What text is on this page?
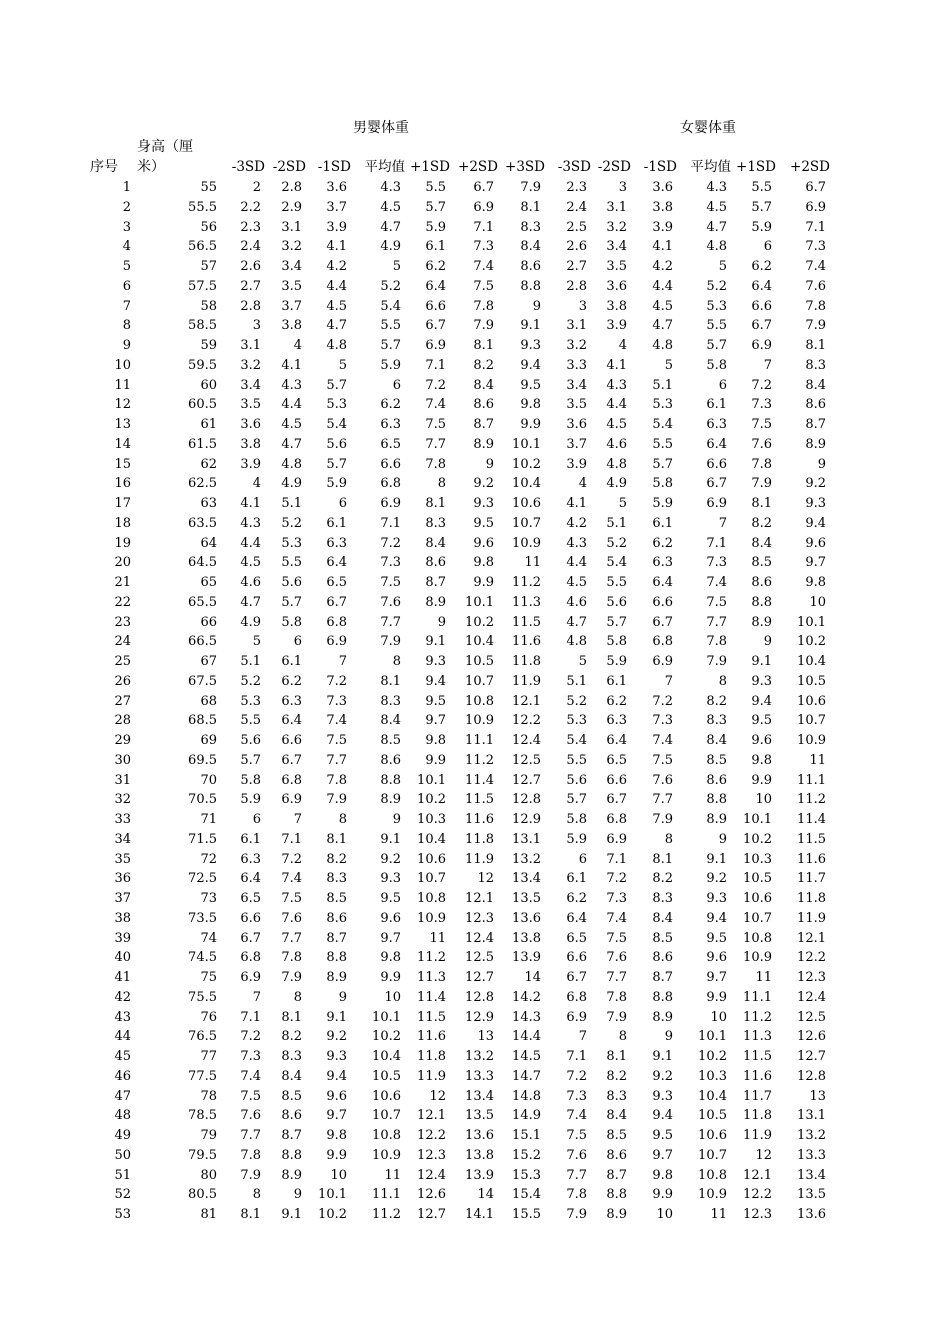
男婴体重	女婴体重
身高（厘
序号 米）	-3SD -2SD -1SD	平均值 +1SD +2SD +3SD -3SD -2SD -1SD	平均值 +1SD	+2SD
1	55	2	2.8	3.6	4.3	5.5	6.7	7.9	2.3	3	3.6	4.3	5.5	6.7
2	55.5	2.2	2.9	3.7	4.5	5.7	6.9	8.1	2.4	3.1	3.8	4.5	5.7	6.9
3	56	2.3	3.1	3.9	4.7	5.9	7.1	8.3	2.5	3.2	3.9	4.7	5.9	7.1
4	56.5	2.4	3.2	4.1	4.9	6.1	7.3	8.4	2.6	3.4	4.1	4.8	6	7.3
5	57	2.6	3.4	4.2	5	6.2	7.4	8.6	2.7	3.5	4.2	5	6.2	7.4
6	57.5	2.7	3.5	4.4	5.2	6.4	7.5	8.8	2.8	3.6	4.4	5.2	6.4	7.6
7	58	2.8	3.7	4.5	5.4	6.6	7.8	9	3	3.8	4.5	5.3	6.6	7.8
8	58.5	3	3.8	4.7	5.5	6.7	7.9	9.1	3.1	3.9	4.7	5.5	6.7	7.9
9	59	3.1	4	4.8	5.7	6.9	8.1	9.3	3.2	4	4.8	5.7	6.9	8.1
10	59.5	3.2	4.1	5	5.9	7.1	8.2	9.4	3.3	4.1	5	5.8	7	8.3
11	60	3.4	4.3	5.7	6	7.2	8.4	9.5	3.4	4.3	5.1	6	7.2	8.4
12	60.5	3.5	4.4	5.3	6.2	7.4	8.6	9.8	3.5	4.4	5.3	6.1	7.3	8.6
13	61	3.6	4.5	5.4	6.3	7.5	8.7	9.9	3.6	4.5	5.4	6.3	7.5	8.7
14	61.5	3.8	4.7	5.6	6.5	7.7	8.9	10.1	3.7	4.6	5.5	6.4	7.6	8.9
15	62	3.9	4.8	5.7	6.6	7.8	9	10.2	3.9	4.8	5.7	6.6	7.8	9
16	62.5	4	4.9	5.9	6.8	8	9.2	10.4	4	4.9	5.8	6.7	7.9	9.2
17	63	4.1	5.1	6	6.9	8.1	9.3	10.6	4.1	5	5.9	6.9	8.1	9.3
18	63.5	4.3	5.2	6.1	7.1	8.3	9.5	10.7	4.2	5.1	6.1	7	8.2	9.4
19	64	4.4	5.3	6.3	7.2	8.4	9.6	10.9	4.3	5.2	6.2	7.1	8.4	9.6
20	64.5	4.5	5.5	6.4	7.3	8.6	9.8	11	4.4	5.4	6.3	7.3	8.5	9.7
21	65	4.6	5.6	6.5	7.5	8.7	9.9	11.2	4.5	5.5	6.4	7.4	8.6	9.8
22	65.5	4.7	5.7	6.7	7.6	8.9	10.1	11.3	4.6	5.6	6.6	7.5	8.8	10
23	66	4.9	5.8	6.8	7.7	9	10.2	11.5	4.7	5.7	6.7	7.7	8.9	10.1
24	66.5	5	6	6.9	7.9	9.1	10.4	11.6	4.8	5.8	6.8	7.8	9	10.2
25	67	5.1	6.1	7	8	9.3	10.5	11.8	5	5.9	6.9	7.9	9.1	10.4
26	67.5	5.2	6.2	7.2	8.1	9.4	10.7	11.9	5.1	6.1	7	8	9.3	10.5
27	68	5.3	6.3	7.3	8.3	9.5	10.8	12.1	5.2	6.2	7.2	8.2	9.4	10.6
28	68.5	5.5	6.4	7.4	8.4	9.7	10.9	12.2	5.3	6.3	7.3	8.3	9.5	10.7
29	69	5.6	6.6	7.5	8.5	9.8	11.1	12.4	5.4	6.4	7.4	8.4	9.6	10.9
30	69.5	5.7	6.7	7.7	8.6	9.9	11.2	12.5	5.5	6.5	7.5	8.5	9.8	11
31	70	5.8	6.8	7.8	8.8	10.1	11.4	12.7	5.6	6.6	7.6	8.6	9.9	11.1
32	70.5	5.9	6.9	7.9	8.9	10.2	11.5	12.8	5.7	6.7	7.7	8.8	10	11.2
33	71	6	7	8	9	10.3	11.6	12.9	5.8	6.8	7.9	8.9	10.1	11.4
34	71.5	6.1	7.1	8.1	9.1	10.4	11.8	13.1	5.9	6.9	8	9	10.2	11.5
35	72	6.3	7.2	8.2	9.2	10.6	11.9	13.2	6	7.1	8.1	9.1	10.3	11.6
36	72.5	6.4	7.4	8.3	9.3	10.7	12	13.4	6.1	7.2	8.2	9.2	10.5	11.7
37	73	6.5	7.5	8.5	9.5	10.8	12.1	13.5	6.2	7.3	8.3	9.3	10.6	11.8
38	73.5	6.6	7.6	8.6	9.6	10.9	12.3	13.6	6.4	7.4	8.4	9.4	10.7	11.9
39	74	6.7	7.7	8.7	9.7	11	12.4	13.8	6.5	7.5	8.5	9.5	10.8	12.1
40	74.5	6.8	7.8	8.8	9.8	11.2	12.5	13.9	6.6	7.6	8.6	9.6	10.9	12.2
41	75	6.9	7.9	8.9	9.9	11.3	12.7	14	6.7	7.7	8.7	9.7	11	12.3
42	75.5	7	8	9	10	11.4	12.8	14.2	6.8	7.8	8.8	9.9	11.1	12.4
43	76	7.1	8.1	9.1	10.1	11.5	12.9	14.3	6.9	7.9	8.9	10	11.2	12.5
44	76.5	7.2	8.2	9.2	10.2	11.6	13	14.4	7	8	9	10.1	11.3	12.6
45	77	7.3	8.3	9.3	10.4	11.8	13.2	14.5	7.1	8.1	9.1	10.2	11.5	12.7
46	77.5	7.4	8.4	9.4	10.5	11.9	13.3	14.7	7.2	8.2	9.2	10.3	11.6	12.8
47	78	7.5	8.5	9.6	10.6	12	13.4	14.8	7.3	8.3	9.3	10.4	11.7	13
48	78.5	7.6	8.6	9.7	10.7	12.1	13.5	14.9	7.4	8.4	9.4	10.5	11.8	13.1
49	79	7.7	8.7	9.8	10.8	12.2	13.6	15.1	7.5	8.5	9.5	10.6	11.9	13.2
50	79.5	7.8	8.8	9.9	10.9	12.3	13.8	15.2	7.6	8.6	9.7	10.7	12	13.3
51	80	7.9	8.9	10	11	12.4	13.9	15.3	7.7	8.7	9.8	10.8	12.1	13.4
52	80.5	8	9	10.1	11.1	12.6	14	15.4	7.8	8.8	9.9	10.9	12.2	13.5
53	81	8.1	9.1	10.2	11.2	12.7	14.1	15.5	7.9	8.9	10	11	12.3	13.6
